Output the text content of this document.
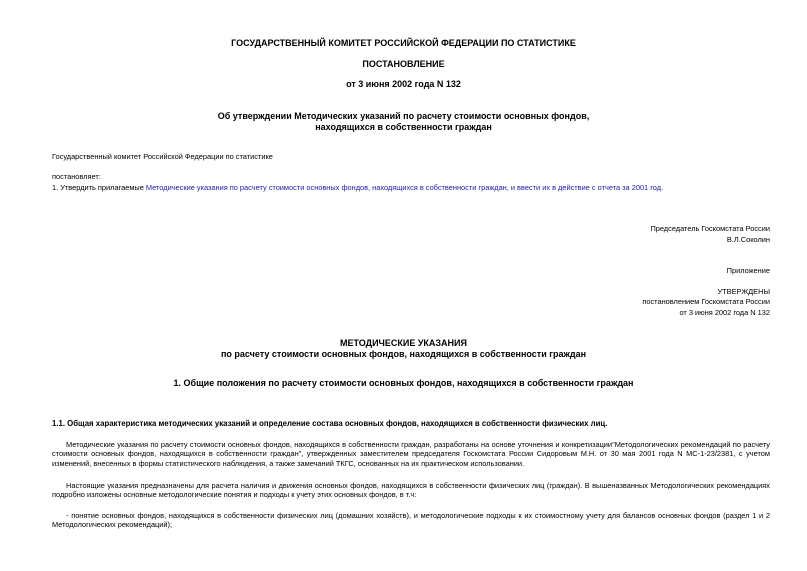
ГОСУДАРСТВЕННЫЙ КОМИТЕТ РОССИЙСКОЙ ФЕДЕРАЦИИ ПО СТАТИСТИКЕ

ПОСТАНОВЛЕНИЕ

от 3 июня 2002 года N 132

Об утверждении Методических указаний по расчету стоимости основных фондов,

находящихся в собственности граждан

Государственный комитет Российской Федерации по статистике

постановляет:

1. Утвердить прилагаемые Методические указания по расчету стоимости основных фондов, находящихся в собственности граждан, и ввести их в действие с отчета за 2001 год.

Председатель Госкомстата России

В.Л.Соколин

Приложение

УТВЕРЖДЕНЫ

постановлением Госкомстата России

от 3 июня 2002 года N 132

МЕТОДИЧЕСКИЕ УКАЗАНИЯ

по расчету стоимости основных фондов, находящихся в собственности граждан

1. Общие положения по расчету стоимости основных фондов, находящихся в собственности граждан

1.1. Общая характеристика методических указаний и определение состава основных фондов, находящихся в собственности физических лиц.

Методические указания по расчету стоимости основных фондов, находящихся в собственности граждан, разработаны на основе уточнения и конкретизации"Методологических рекомендаций по расчету стоимости основных фондов, находящихся в собственности граждан", утвержденных заместителем председателя Госкомстата России Сидоровым М.Н. от 30 мая 2001 года N МС-1-23/2381, с учетом изменений, внесенных в формы статистического наблюдения, а также замечаний ТКГС, основанных на их практическом использовании.

Настоящие указания предназначены для расчета наличия и движения основных фондов, находящихся в собственности физических лиц (граждан). В вышеназванных Методологических рекомендациях подробно изложены основные методологические понятия и подходы к учету этих основных фондов, в т.ч:

- понятие основных фондов, находящихся в собственности физических лиц (домашних хозяйств), и методологические подходы к их стоимостному учету для балансов основных фондов (раздел 1 и 2 Методологических рекомендаций);
